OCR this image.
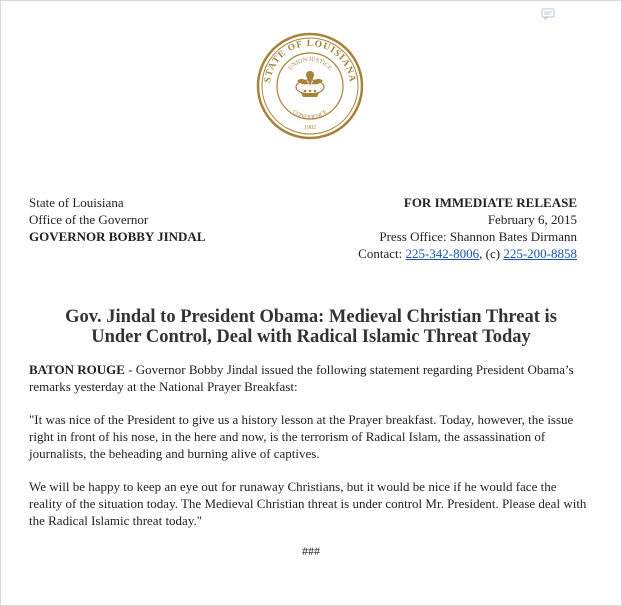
STATE OF LOUISIANA
UNION JUSTICE
CONFIDENCE
1902
State of Louisiana
Office of the Governor
GOVERNOR BOBBY JINDAL
FOR IMMEDIATE RELEASE
February 6, 2015
Press Office: Shannon Bates Dirmann
Contact: 225-342-8006, (c) 225-200-8858
Gov. Jindal to President Obama: Medieval Christian Threat is
Under Control, Deal with Radical Islamic Threat Today

BATON ROUGE - Governor Bobby Jindal issued the following statement regarding President Obama’s remarks yesterday at the National Prayer Breakfast:

"It was nice of the President to give us a history lesson at the Prayer breakfast. Today, however, the issue right in front of his nose, in the here and now, is the terrorism of Radical Islam, the assassination of journalists, the beheading and burning alive of captives.

We will be happy to keep an eye out for runaway Christians, but it would be nice if he would face the reality of the situation today. The Medieval Christian threat is under control Mr. President. Please deal with the Radical Islamic threat today."

###
